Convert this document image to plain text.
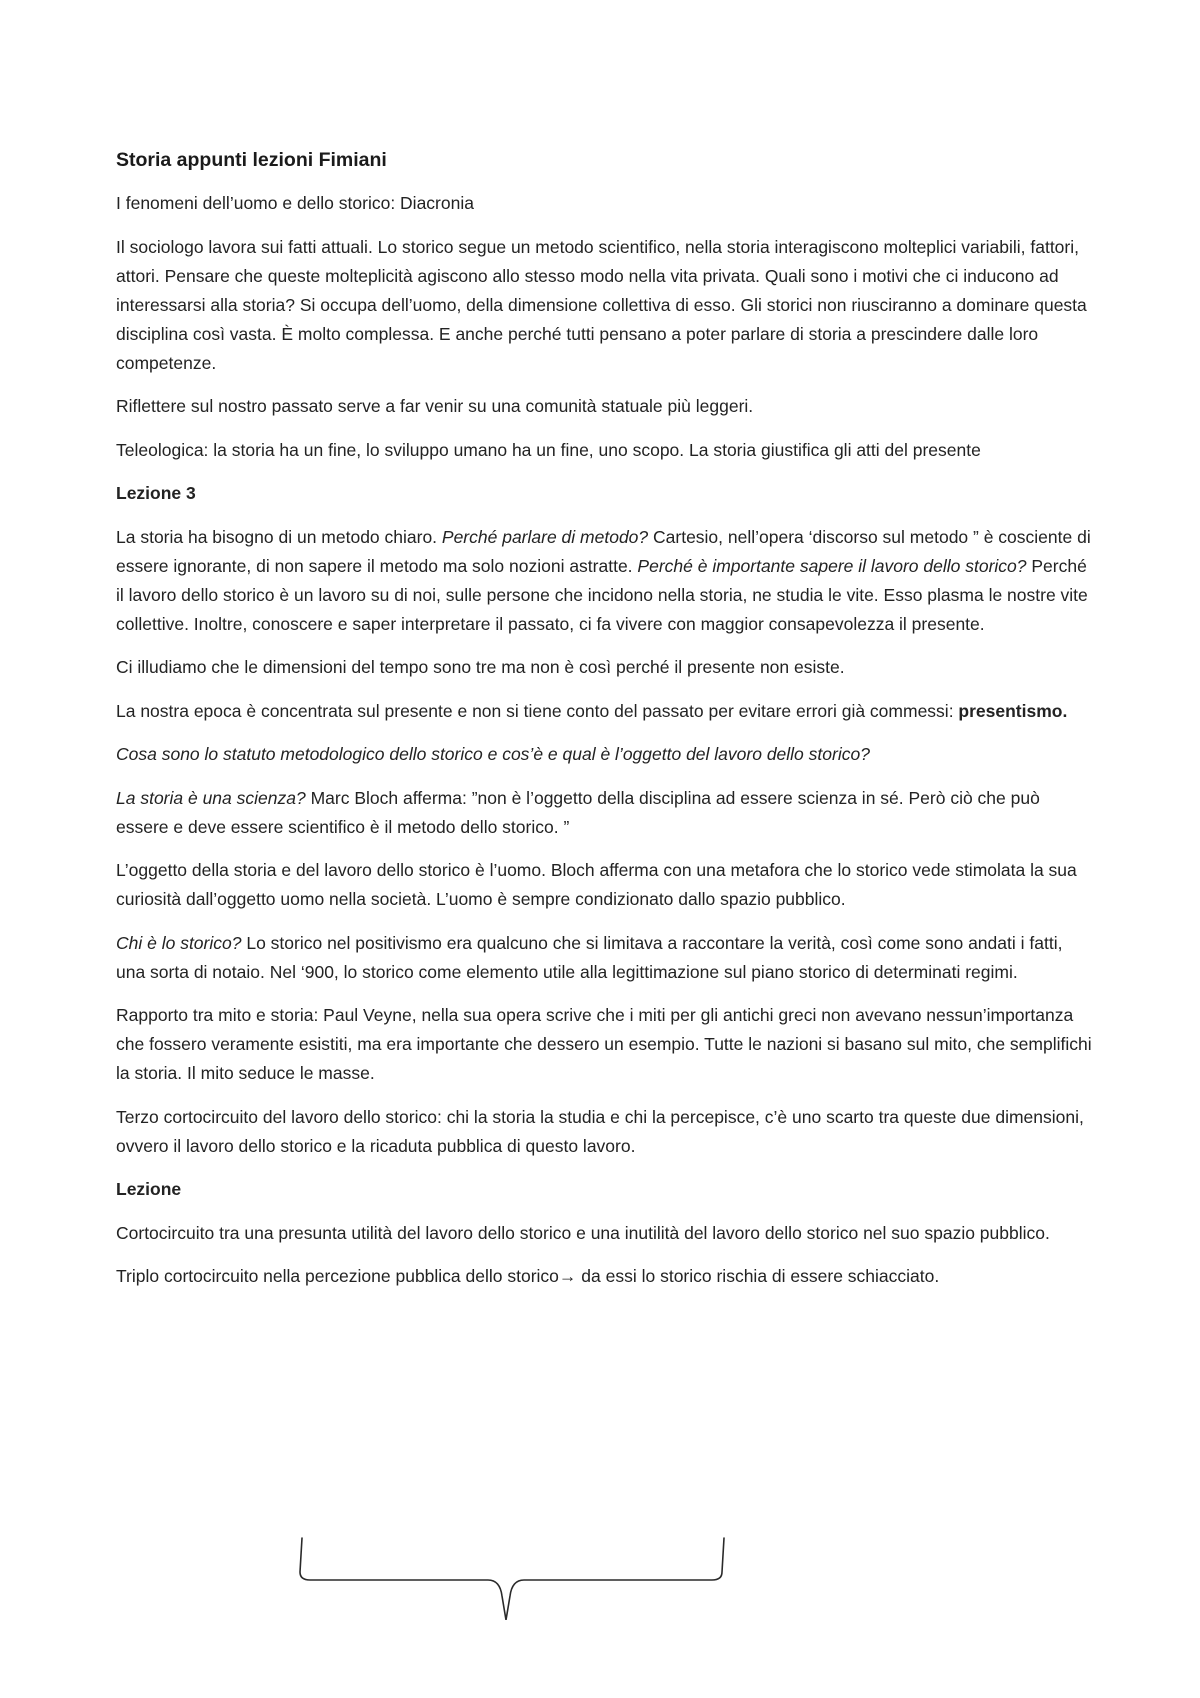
Storia appunti lezioni Fimiani

I fenomeni dell’uomo e dello storico: Diacronia

Il sociologo lavora sui fatti attuali. Lo storico segue un metodo scientifico, nella storia interagiscono molteplici variabili, fattori, attori. Pensare che queste molteplicità agiscono allo stesso modo nella vita privata. Quali sono i motivi che ci inducono ad interessarsi alla storia? Si occupa dell’uomo, della dimensione collettiva di esso. Gli storici non riusciranno a dominare questa disciplina così vasta. È molto complessa. E anche perché tutti pensano a poter parlare di storia a prescindere dalle loro competenze.

Riflettere sul nostro passato serve a far venir su una comunità statuale più leggeri.

Teleologica: la storia ha un fine, lo sviluppo umano ha un fine, uno scopo. La storia giustifica gli atti del presente

Lezione 3

La storia ha bisogno di un metodo chiaro. Perché parlare di metodo? Cartesio, nell’opera ‘discorso sul metodo ” è cosciente di essere ignorante, di non sapere il metodo ma solo nozioni astratte. Perché è importante sapere il lavoro dello storico? Perché il lavoro dello storico è un lavoro su di noi, sulle persone che incidono nella storia, ne studia le vite. Esso plasma le nostre vite collettive. Inoltre, conoscere e saper interpretare il passato, ci fa vivere con maggior consapevolezza il presente.

Ci illudiamo che le dimensioni del tempo sono tre ma non è così perché il presente non esiste.

La nostra epoca è concentrata sul presente e non si tiene conto del passato per evitare errori già commessi: presentismo.

Cosa sono lo statuto metodologico dello storico e cos’è e qual è l’oggetto del lavoro dello storico?

La storia è una scienza? Marc Bloch afferma: ”non è l’oggetto della disciplina ad essere scienza in sé. Però ciò che può essere e deve essere scientifico è il metodo dello storico. ”

L’oggetto della storia e del lavoro dello storico è l’uomo. Bloch afferma con una metafora che lo storico vede stimolata la sua curiosità dall’oggetto uomo nella società. L’uomo è sempre condizionato dallo spazio pubblico.

Chi è lo storico? Lo storico nel positivismo era qualcuno che si limitava a raccontare la verità, così come sono andati i fatti, una sorta di notaio. Nel ‘900, lo storico come elemento utile alla legittimazione sul piano storico di determinati regimi.

Rapporto tra mito e storia: Paul Veyne, nella sua opera scrive che i miti per gli antichi greci non avevano nessun’importanza che fossero veramente esistiti, ma era importante che dessero un esempio. Tutte le nazioni si basano sul mito, che semplifichi la storia. Il mito seduce le masse.

Terzo cortocircuito del lavoro dello storico: chi la storia la studia e chi la percepisce, c’è uno scarto tra queste due dimensioni, ovvero il lavoro dello storico e la ricaduta pubblica di questo lavoro.

Lezione

Cortocircuito tra una presunta utilità del lavoro dello storico e una inutilità del lavoro dello storico nel suo spazio pubblico.

Triplo cortocircuito nella percezione pubblica dello storico→ da essi lo storico rischia di essere schiacciato.
